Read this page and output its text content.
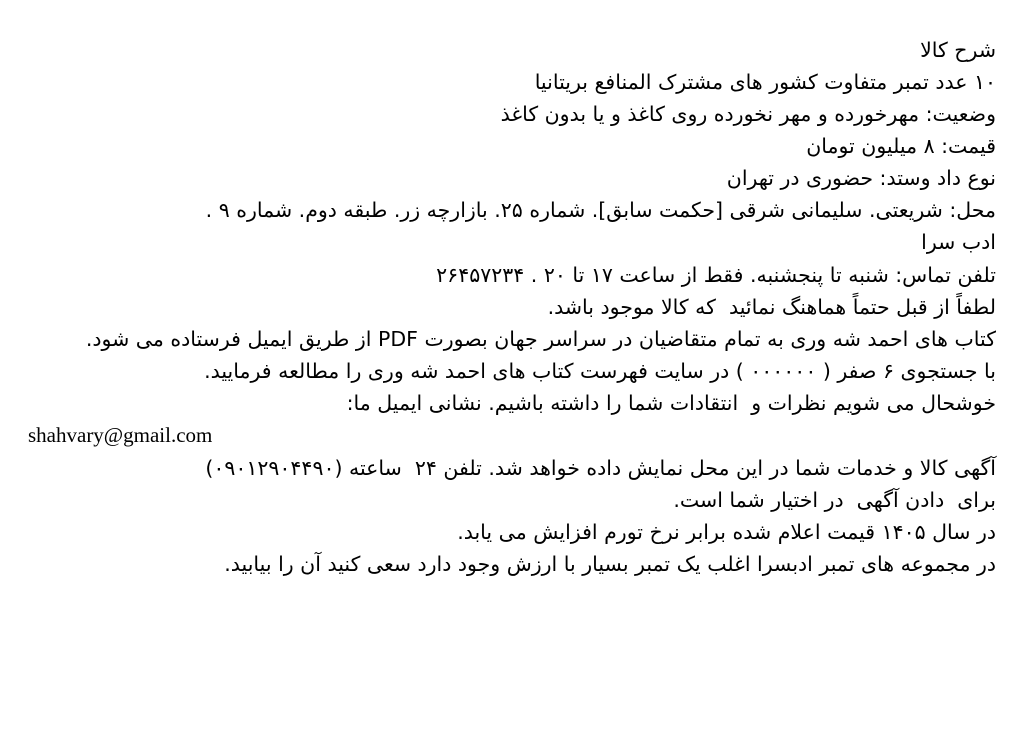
شرح کالا
۱۰ عدد تمبر متفاوت کشور های مشترک المنافع بریتانیا
وضعیت: مهرخورده و مهر نخورده روی کاغذ و یا بدون کاغذ
قیمت: ۸ میلیون تومان
نوع داد وستد: حضوری در تهران
محل: شریعتی. سلیمانی شرقی [حکمت سابق]. شماره ۲۵. بازارچه زر. طبقه دوم. شماره ۹ .
ادب سرا
تلفن تماس: شنبه تا پنجشنبه. فقط از ساعت ۱۷ تا ۲۰ . ۲۶۴۵۷۲۳۴
لطفاً از قبل حتماً هماهنگ نمائید  که کالا موجود باشد.
کتاب های احمد شه وری به تمام متقاضیان در سراسر جهان بصورت PDF از طریق ایمیل فرستاده می شود.
با جستجوی ۶ صفر ( ۰۰۰۰۰۰ ) در سایت فهرست کتاب های احمد شه وری را مطالعه فرمایید.
خوشحال می شویم نظرات و  انتقادات شما را داشته باشیم. نشانی ایمیل ما:
shahvary@gmail.com
آگهی کالا و خدمات شما در این محل نمایش داده خواهد شد. تلفن ۲۴  ساعته (۰۹۰۱۲۹۰۴۴۹۰)
برای  دادن آگهی  در اختیار شما است.
در سال ۱۴۰۵ قیمت اعلام شده برابر نرخ تورم افزایش می یابد.
در مجموعه های تمبر ادبسرا اغلب یک تمبر بسیار با ارزش وجود دارد سعی کنید آن را بیابید.
